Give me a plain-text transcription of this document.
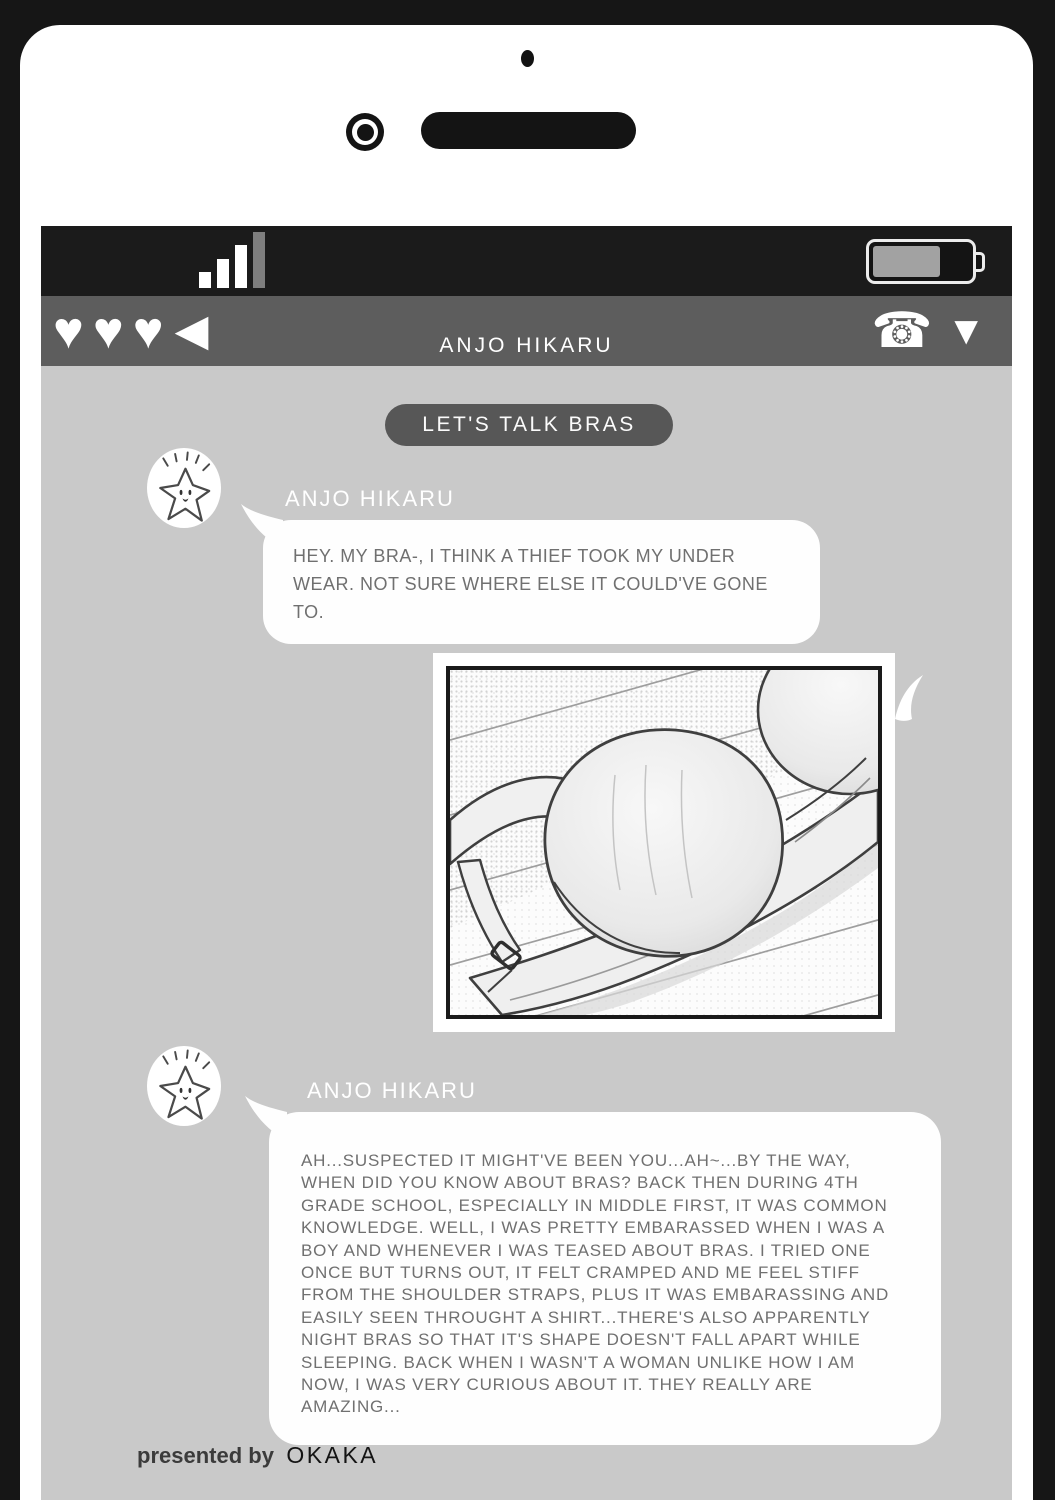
♥ ♥ ♥ ◀	ANJO HIKARU	☎ ▼
LET'S TALK BRAS
ANJO HIKARU
HEY. MY BRA-, I THINK A THIEF TOOK MY UNDER WEAR. NOT SURE WHERE ELSE IT COULD'VE GONE TO.
ANJO HIKARU
AH...SUSPECTED IT MIGHT'VE BEEN YOU...AH~...BY THE WAY, WHEN DID YOU KNOW ABOUT BRAS? BACK THEN DURING 4TH GRADE SCHOOL, ESPECIALLY IN MIDDLE FIRST, IT WAS COMMON KNOWLEDGE. WELL, I WAS PRETTY EMBARASSED WHEN I WAS A BOY AND WHENEVER I WAS TEASED ABOUT BRAS. I TRIED ONE ONCE BUT TURNS OUT, IT FELT CRAMPED AND ME FEEL STIFF FROM THE SHOULDER STRAPS, PLUS IT WAS EMBARASSING AND EASILY SEEN THROUGHT A SHIRT...THERE'S ALSO APPARENTLY NIGHT BRAS SO THAT IT'S SHAPE DOESN'T FALL APART WHILE SLEEPING. BACK WHEN I WASN'T A WOMAN UNLIKE HOW I AM NOW, I WAS VERY CURIOUS ABOUT IT. THEY REALLY ARE AMAZING...
presented by OKAKA
